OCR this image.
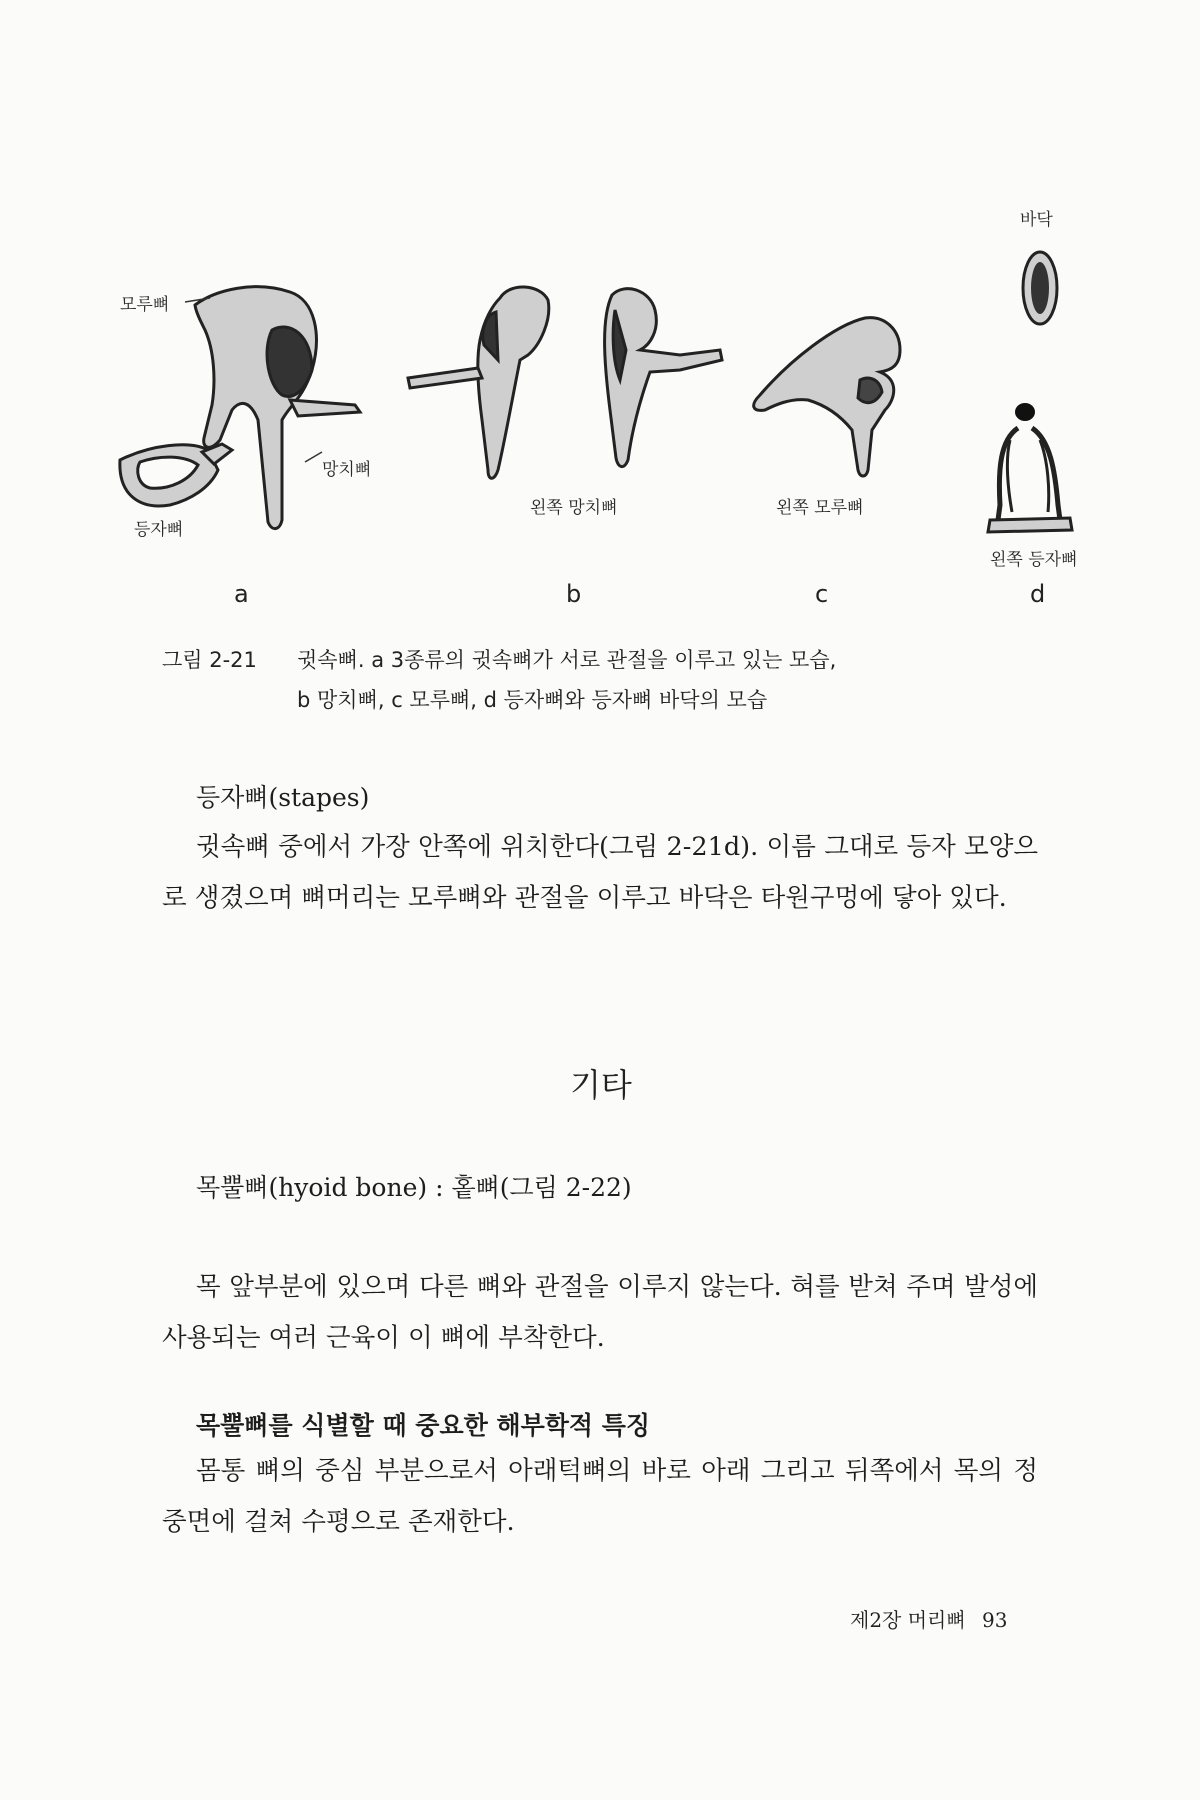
모루뼈
망치뼈
등자뼈
왼쪽 망치뼈	왼쪽 모루뼈
바닥
왼쪽 등자뼈
a	b	c	d
그림 2-21 귓속뼈. a 3종류의 귓속뼈가 서로 관절을 이루고 있는 모습,
b 망치뼈, c 모루뼈, d 등자뼈와 등자뼈 바닥의 모습
등자뼈(stapes)
귓속뼈 중에서 가장 안쪽에 위치한다(그림 2-21d). 이름 그대로 등자 모양으로 생겼으며 뼈머리는 모루뼈와 관절을 이루고 바닥은 타원구멍에 닿아 있다.
기타
목뿔뼈(hyoid bone) : 홑뼈(그림 2-22)
목 앞부분에 있으며 다른 뼈와 관절을 이루지 않는다. 혀를 받쳐 주며 발성에 사용되는 여러 근육이 이 뼈에 부착한다.
목뿔뼈를 식별할 때 중요한 해부학적 특징
몸통 뼈의 중심 부분으로서 아래턱뼈의 바로 아래 그리고 뒤쪽에서 목의 정중면에 걸쳐 수평으로 존재한다.
제2장 머리뼈 93
